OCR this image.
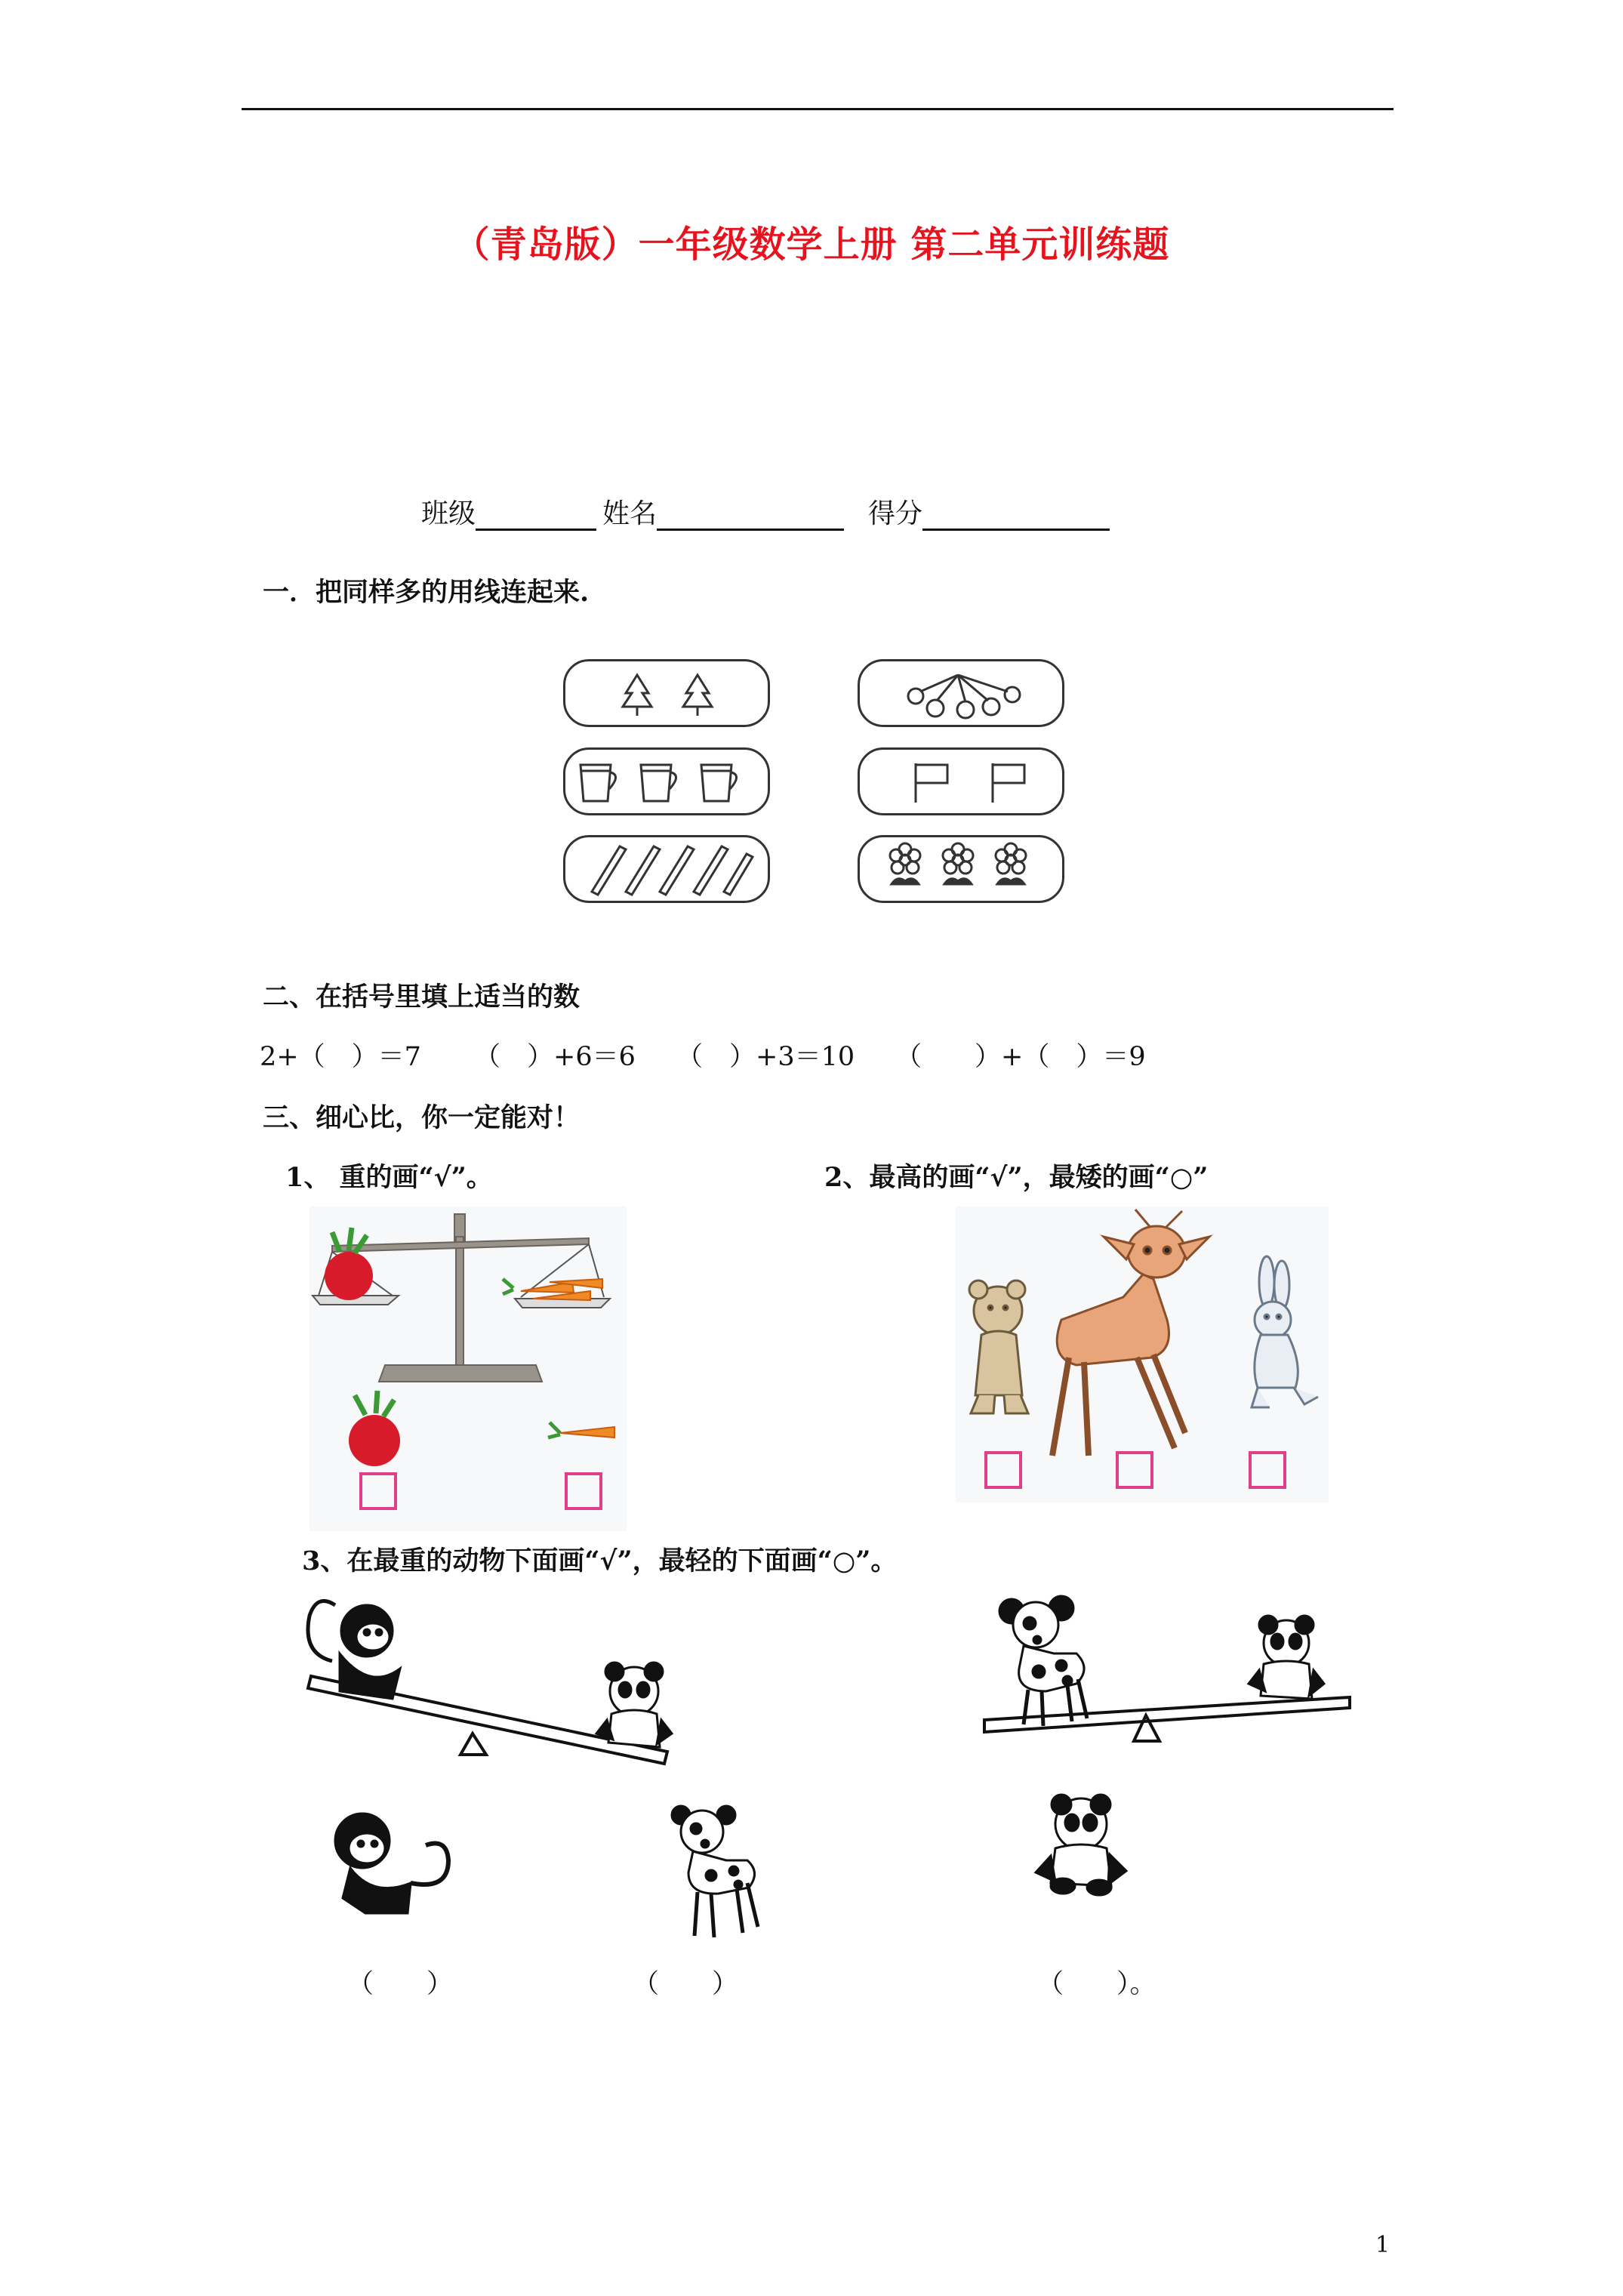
（青岛版）一年级数学上册 第二单元训练题
班级	姓名	得分
一．把同样多的用线连起来.
二、在括号里填上适当的数
2+（　）＝7 （　）+6＝6 （　）+3＝10 （　　）+（　）＝9
三、细心比，你一定能对！
1、 重的画“√”。	2、最高的画“√”，最矮的画“○”
3、在最重的动物下面画“√”，最轻的下面画“○”。
（　　）	（　　）	（　　）。
1
